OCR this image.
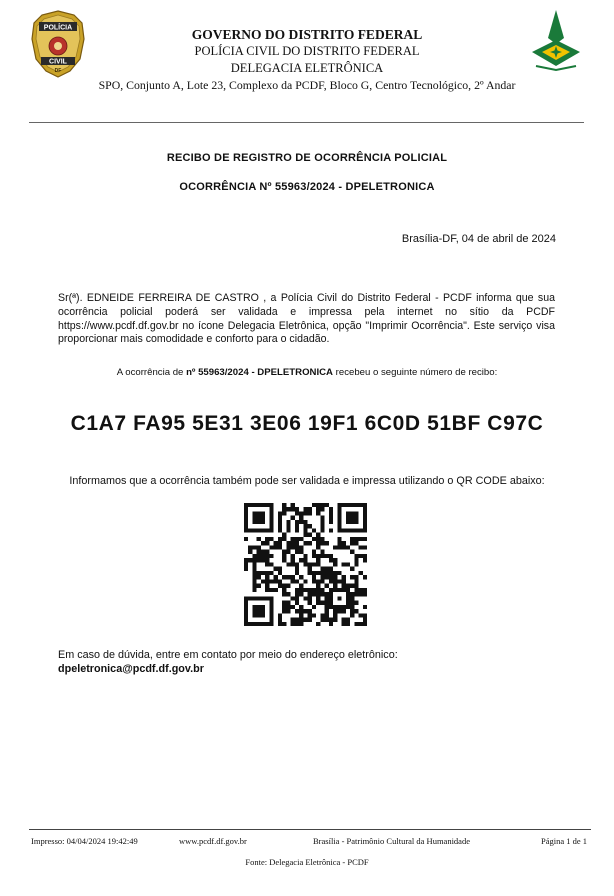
POLÍCIA
CIVIL
DF
GOVERNO DO DISTRITO FEDERAL
POLÍCIA CIVIL DO DISTRITO FEDERAL
DELEGACIA ELETRÔNICA
SPO, Conjunto A, Lote 23, Complexo da PCDF, Bloco G, Centro Tecnológico, 2º Andar
RECIBO DE REGISTRO DE OCORRÊNCIA POLICIAL
OCORRÊNCIA Nº 55963/2024 - DPELETRONICA
Brasília-DF, 04 de abril de 2024
Sr(ª). EDNEIDE FERREIRA DE CASTRO , a Polícia Civil do Distrito Federal - PCDF informa que sua ocorrência policial poderá ser validada e impressa pela internet no sítio da PCDF https://www.pcdf.df.gov.br no ícone Delegacia Eletrônica, opção "Imprimir Ocorrência". Este serviço visa proporcionar mais comodidade e conforto para o cidadão.
A ocorrência de nº 55963/2024 - DPELETRONICA recebeu o seguinte número de recibo:
C1A7 FA95 5E31 3E06 19F1 6C0D 51BF C97C
Informamos que a ocorrência também pode ser validada e impressa utilizando o QR CODE abaixo:
Em caso de dúvida, entre em contato por meio do endereço eletrônico:
dpeletronica@pcdf.df.gov.br
Impresso: 04/04/2024 19:42:49	www.pcdf.df.gov.br	Brasília - Patrimônio Cultural da Humanidade	Página 1 de 1
Fonte: Delegacia Eletrônica - PCDF
